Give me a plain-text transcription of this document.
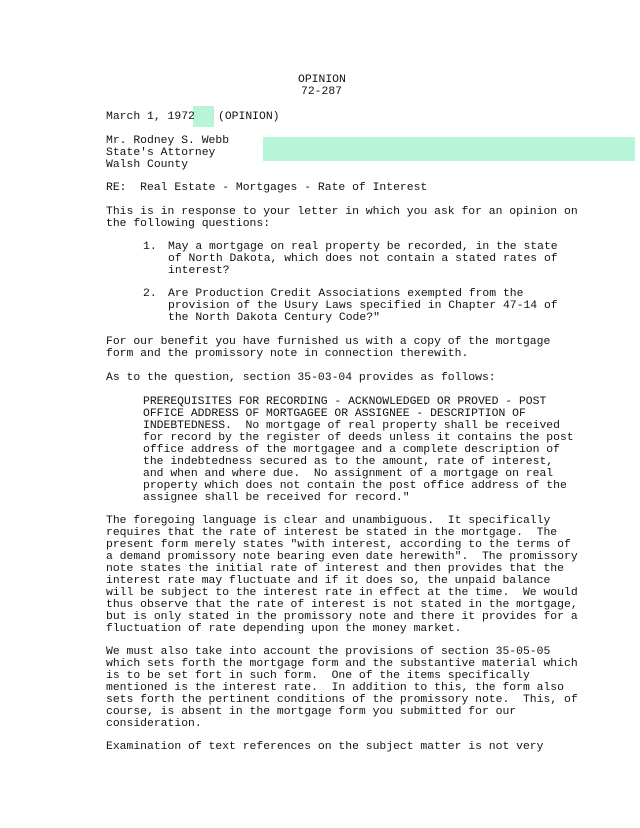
OPINION
72-287
March 1, 1972 (OPINION)
Mr. Rodney S. Webb
State's Attorney
Walsh County
RE:  Real Estate - Mortgages - Rate of Interest
This is in response to your letter in which you ask for an opinion on
the following questions:
1. May a mortgage on real property be recorded, in the state
of North Dakota, which does not contain a stated rates of
interest?
2. Are Production Credit Associations exempted from the
provision of the Usury Laws specified in Chapter 47-14 of
the North Dakota Century Code?"
For our benefit you have furnished us with a copy of the mortgage
form and the promissory note in connection therewith.
As to the question, section 35-03-04 provides as follows:
PREREQUISITES FOR RECORDING - ACKNOWLEDGED OR PROVED - POST
OFFICE ADDRESS OF MORTGAGEE OR ASSIGNEE - DESCRIPTION OF
INDEBTEDNESS.  No mortgage of real property shall be received
for record by the register of deeds unless it contains the post
office address of the mortgagee and a complete description of
the indebtedness secured as to the amount, rate of interest,
and when and where due.  No assignment of a mortgage on real
property which does not contain the post office address of the
assignee shall be received for record."
The foregoing language is clear and unambiguous.  It specifically
requires that the rate of interest be stated in the mortgage.  The
present form merely states "with interest, according to the terms of
a demand promissory note bearing even date herewith".  The promissory
note states the initial rate of interest and then provides that the
interest rate may fluctuate and if it does so, the unpaid balance
will be subject to the interest rate in effect at the time.  We would
thus observe that the rate of interest is not stated in the mortgage,
but is only stated in the promissory note and there it provides for a
fluctuation of rate depending upon the money market.
We must also take into account the provisions of section 35-05-05
which sets forth the mortgage form and the substantive material which
is to be set fort in such form.  One of the items specifically
mentioned is the interest rate.  In addition to this, the form also
sets forth the pertinent conditions of the promissory note.  This, of
course, is absent in the mortgage form you submitted for our
consideration.
Examination of text references on the subject matter is not very
